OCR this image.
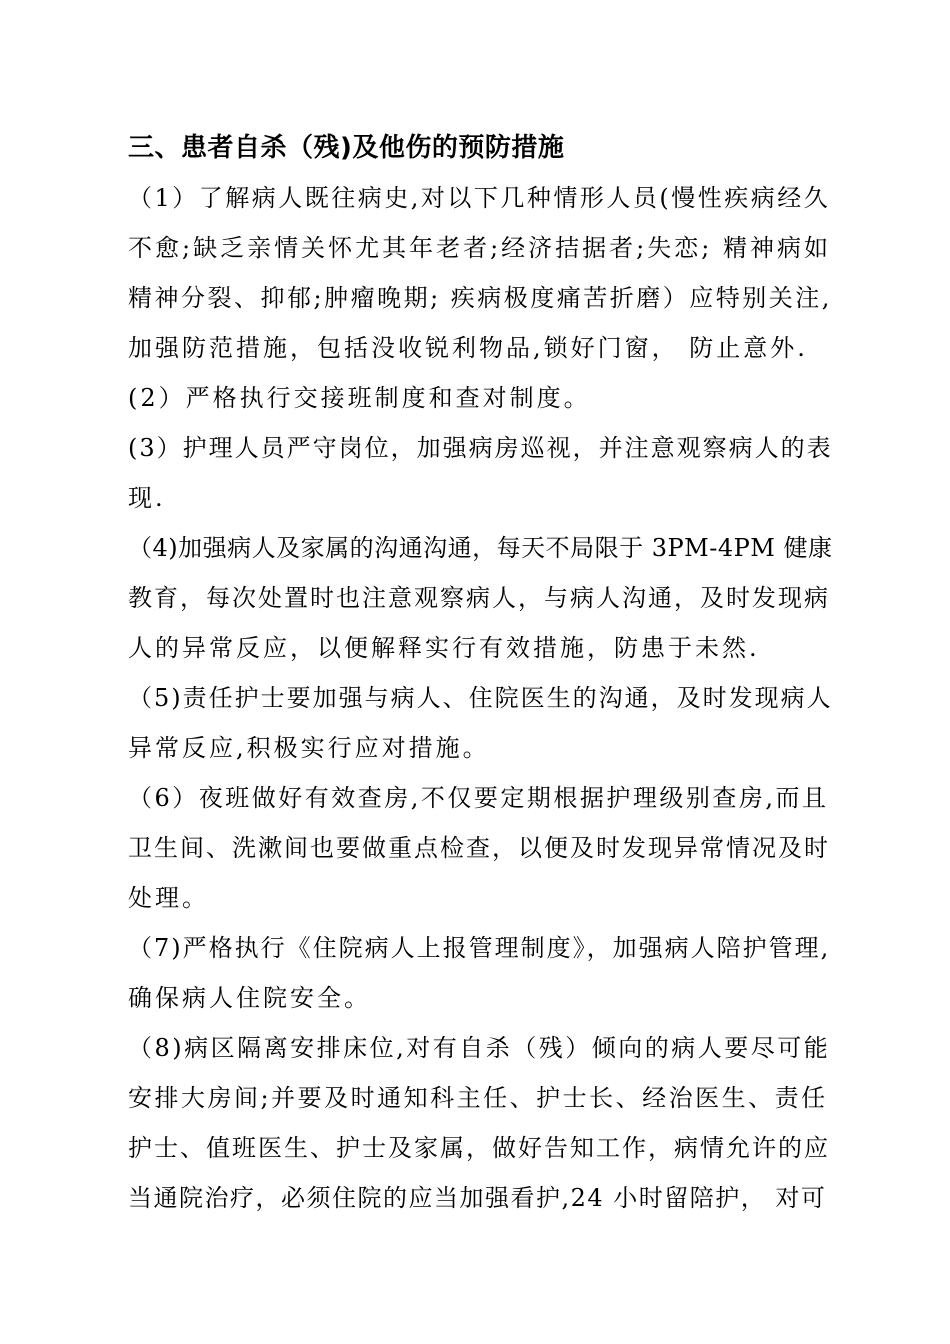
三、患者自杀（残)及他伤的预防措施

（1）了解病人既往病史,对以下几种情形人员(慢性疾病经久

不愈;缺乏亲情关怀尤其年老者;经济拮据者;失恋; 精神病如

精神分裂、抑郁;肿瘤晚期; 疾病极度痛苦折磨）应特别关注,

加强防范措施，包括没收锐利物品,锁好门窗， 防止意外.

(2）严格执行交接班制度和查对制度。

(3）护理人员严守岗位，加强病房巡视，并注意观察病人的表

现.

（4)加强病人及家属的沟通沟通，每天不局限于 3PM-4PM 健康

教育，每次处置时也注意观察病人，与病人沟通，及时发现病

人的异常反应，以便解释实行有效措施，防患于未然.

（5)责任护士要加强与病人、住院医生的沟通，及时发现病人

异常反应,积极实行应对措施。

（6）夜班做好有效查房,不仅要定期根据护理级别查房,而且

卫生间、洗漱间也要做重点检查，以便及时发现异常情况及时

处理。

（7)严格执行《住院病人上报管理制度》，加强病人陪护管理,

确保病人住院安全。

（8)病区隔离安排床位,对有自杀（残）倾向的病人要尽可能

安排大房间;并要及时通知科主任、护士长、经治医生、责任

护士、值班医生、护士及家属，做好告知工作，病情允许的应

当通院治疗，必须住院的应当加强看护,24 小时留陪护， 对可
